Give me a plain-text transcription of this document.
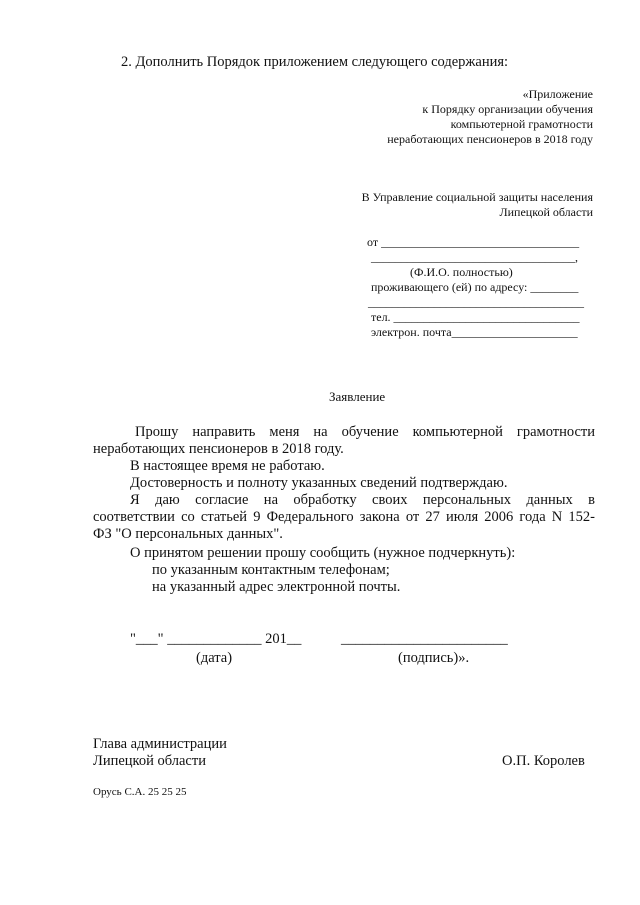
2. Дополнить Порядок приложением следующего содержания:
«Приложение
к Порядку организации обучения
компьютерной грамотности
неработающих пенсионеров в 2018 году
В Управление социальной защиты населения
Липецкой области
от _________________________________
__________________________________,
(Ф.И.О. полностью)
проживающего (ей) по адресу: ________
____________________________________
тел. _______________________________
электрон. почта_____________________
Заявление
Прошу направить меня на обучение компьютерной грамотности
неработающих пенсионеров в 2018 году.
В настоящее время не работаю.
Достоверность и полноту указанных сведений подтверждаю.
Я даю согласие на обработку своих персональных данных в
соответствии со статьей 9 Федерального закона от 27 июля 2006 года N 152-
ФЗ "О персональных данных".
О принятом решении прошу сообщить (нужное подчеркнуть):
по указанным контактным телефонам;
на указанный адрес электронной почты.
"___" _____________ 201__	_______________________
(дата)	(подпись)».
Глава администрации
Липецкой области	О.П. Королев
Орусь С.А. 25 25 25
